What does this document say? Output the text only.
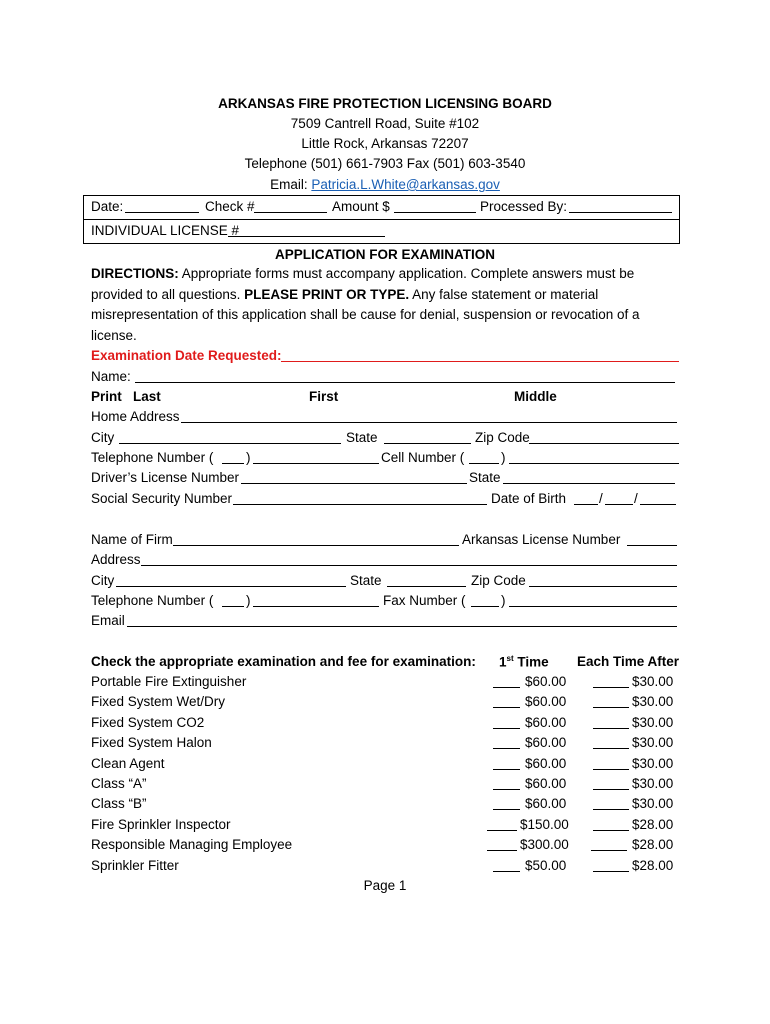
ARKANSAS FIRE PROTECTION LICENSING BOARD
7509 Cantrell Road, Suite #102
Little Rock, Arkansas 72207
Telephone (501) 661-7903 Fax (501) 603-3540
Email: Patricia.L.White@arkansas.gov
Date:	Check #	Amount $	Processed By:
INDIVIDUAL LICENSE #
APPLICATION FOR EXAMINATION
DIRECTIONS: Appropriate forms must accompany application. Complete answers must be provided to all questions. PLEASE PRINT OR TYPE. Any false statement or material misrepresentation of this application shall be cause for denial, suspension or revocation of a license.
Examination Date Requested:
Name:
Print Last	First	Middle
Home Address
City	State	Zip Code
Telephone Number ( )	Cell Number (	)
Driver’s License Number	State
Social Security Number	Date of Birth / /
Name of Firm	Arkansas License Number
Address
City	State	Zip Code
Telephone Number ( )	Fax Number (	)
Email
Check the appropriate examination and fee for examination: 1st Time Each Time After
Portable Fire Extinguisher	$60.00	$30.00
Fixed System Wet/Dry	$60.00	$30.00
Fixed System CO2	$60.00	$30.00
Fixed System Halon	$60.00	$30.00
Clean Agent	$60.00	$30.00
Class “A”	$60.00	$30.00
Class “B”	$60.00	$30.00
Fire Sprinkler Inspector	$150.00	$28.00
Responsible Managing Employee	$300.00	$28.00
Sprinkler Fitter	$50.00	$28.00
Page 1
